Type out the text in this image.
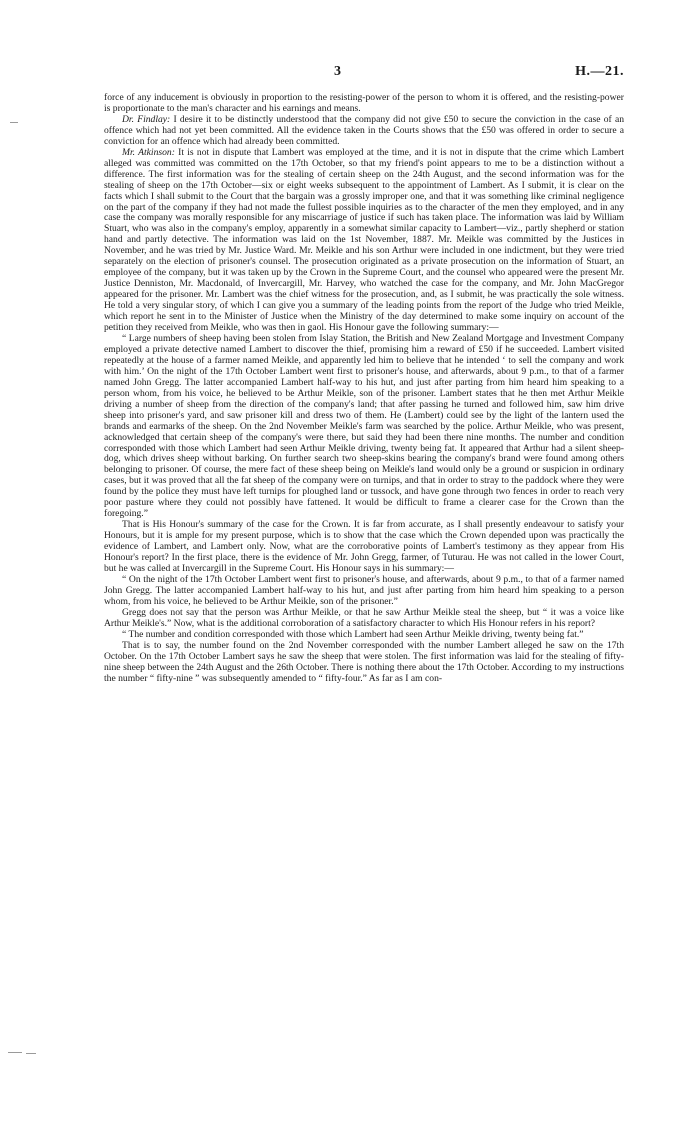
3	H.—21.

force of any inducement is obviously in proportion to the resisting-power of the person to whom it is offered, and the resisting-power is proportionate to the man's character and his earnings and means.

Dr. Findlay: I desire it to be distinctly understood that the company did not give £50 to secure the conviction in the case of an offence which had not yet been committed. All the evidence taken in the Courts shows that the £50 was offered in order to secure a conviction for an offence which had already been committed.

Mr. Atkinson: It is not in dispute that Lambert was employed at the time, and it is not in dispute that the crime which Lambert alleged was committed was committed on the 17th October, so that my friend's point appears to me to be a distinction without a difference. The first information was for the stealing of certain sheep on the 24th August, and the second information was for the stealing of sheep on the 17th October—six or eight weeks subsequent to the appointment of Lambert. As I submit, it is clear on the facts which I shall submit to the Court that the bargain was a grossly improper one, and that it was something like criminal negligence on the part of the company if they had not made the fullest possible inquiries as to the character of the men they employed, and in any case the company was morally responsible for any miscarriage of justice if such has taken place. The information was laid by William Stuart, who was also in the company's employ, apparently in a somewhat similar capacity to Lambert—viz., partly shepherd or station hand and partly detective. The information was laid on the 1st November, 1887. Mr. Meikle was committed by the Justices in November, and he was tried by Mr. Justice Ward. Mr. Meikle and his son Arthur were included in one indictment, but they were tried separately on the election of prisoner's counsel. The prosecution originated as a private prosecution on the information of Stuart, an employee of the company, but it was taken up by the Crown in the Supreme Court, and the counsel who appeared were the present Mr. Justice Denniston, Mr. Macdonald, of Invercargill, Mr. Harvey, who watched the case for the company, and Mr. John MacGregor appeared for the prisoner. Mr. Lambert was the chief witness for the prosecution, and, as I submit, he was practically the sole witness. He told a very singular story, of which I can give you a summary of the leading points from the report of the Judge who tried Meikle, which report he sent in to the Minister of Justice when the Ministry of the day determined to make some inquiry on account of the petition they received from Meikle, who was then in gaol. His Honour gave the following summary:—

“ Large numbers of sheep having been stolen from Islay Station, the British and New Zealand Mortgage and Investment Company employed a private detective named Lambert to discover the thief, promising him a reward of £50 if he succeeded. Lambert visited repeatedly at the house of a farmer named Meikle, and apparently led him to believe that he intended ‘ to sell the company and work with him.’ On the night of the 17th October Lambert went first to prisoner's house, and afterwards, about 9 p.m., to that of a farmer named John Gregg. The latter accompanied Lambert half-way to his hut, and just after parting from him heard him speaking to a person whom, from his voice, he believed to be Arthur Meikle, son of the prisoner. Lambert states that he then met Arthur Meikle driving a number of sheep from the direction of the company's land; that after passing he turned and followed him, saw him drive sheep into prisoner's yard, and saw prisoner kill and dress two of them. He (Lambert) could see by the light of the lantern used the brands and earmarks of the sheep. On the 2nd November Meikle's farm was searched by the police. Arthur Meikle, who was present, acknowledged that certain sheep of the company's were there, but said they had been there nine months. The number and condition corresponded with those which Lambert had seen Arthur Meikle driving, twenty being fat. It appeared that Arthur had a silent sheep-dog, which drives sheep without barking. On further search two sheep-skins bearing the company's brand were found among others belonging to prisoner. Of course, the mere fact of these sheep being on Meikle's land would only be a ground or suspicion in ordinary cases, but it was proved that all the fat sheep of the company were on turnips, and that in order to stray to the paddock where they were found by the police they must have left turnips for ploughed land or tussock, and have gone through two fences in order to reach very poor pasture where they could not possibly have fattened. It would be difficult to frame a clearer case for the Crown than the foregoing.”

That is His Honour's summary of the case for the Crown. It is far from accurate, as I shall presently endeavour to satisfy your Honours, but it is ample for my present purpose, which is to show that the case which the Crown depended upon was practically the evidence of Lambert, and Lambert only. Now, what are the corroborative points of Lambert's testimony as they appear from His Honour's report? In the first place, there is the evidence of Mr. John Gregg, farmer, of Tuturau. He was not called in the lower Court, but he was called at Invercargill in the Supreme Court. His Honour says in his summary:—

“ On the night of the 17th October Lambert went first to prisoner's house, and afterwards, about 9 p.m., to that of a farmer named John Gregg. The latter accompanied Lambert half-way to his hut, and just after parting from him heard him speaking to a person whom, from his voice, he believed to be Arthur Meikle, son of the prisoner.”

Gregg does not say that the person was Arthur Meikle, or that he saw Arthur Meikle steal the sheep, but “ it was a voice like Arthur Meikle's.” Now, what is the additional corroboration of a satisfactory character to which His Honour refers in his report?

“ The number and condition corresponded with those which Lambert had seen Arthur Meikle driving, twenty being fat.”

That is to say, the number found on the 2nd November corresponded with the number Lambert alleged he saw on the 17th October. On the 17th October Lambert says he saw the sheep that were stolen. The first information was laid for the stealing of fifty-nine sheep between the 24th August and the 26th October. There is nothing there about the 17th October. According to my instructions the number “ fifty-nine ” was subsequently amended to “ fifty-four.” As far as I am con-
